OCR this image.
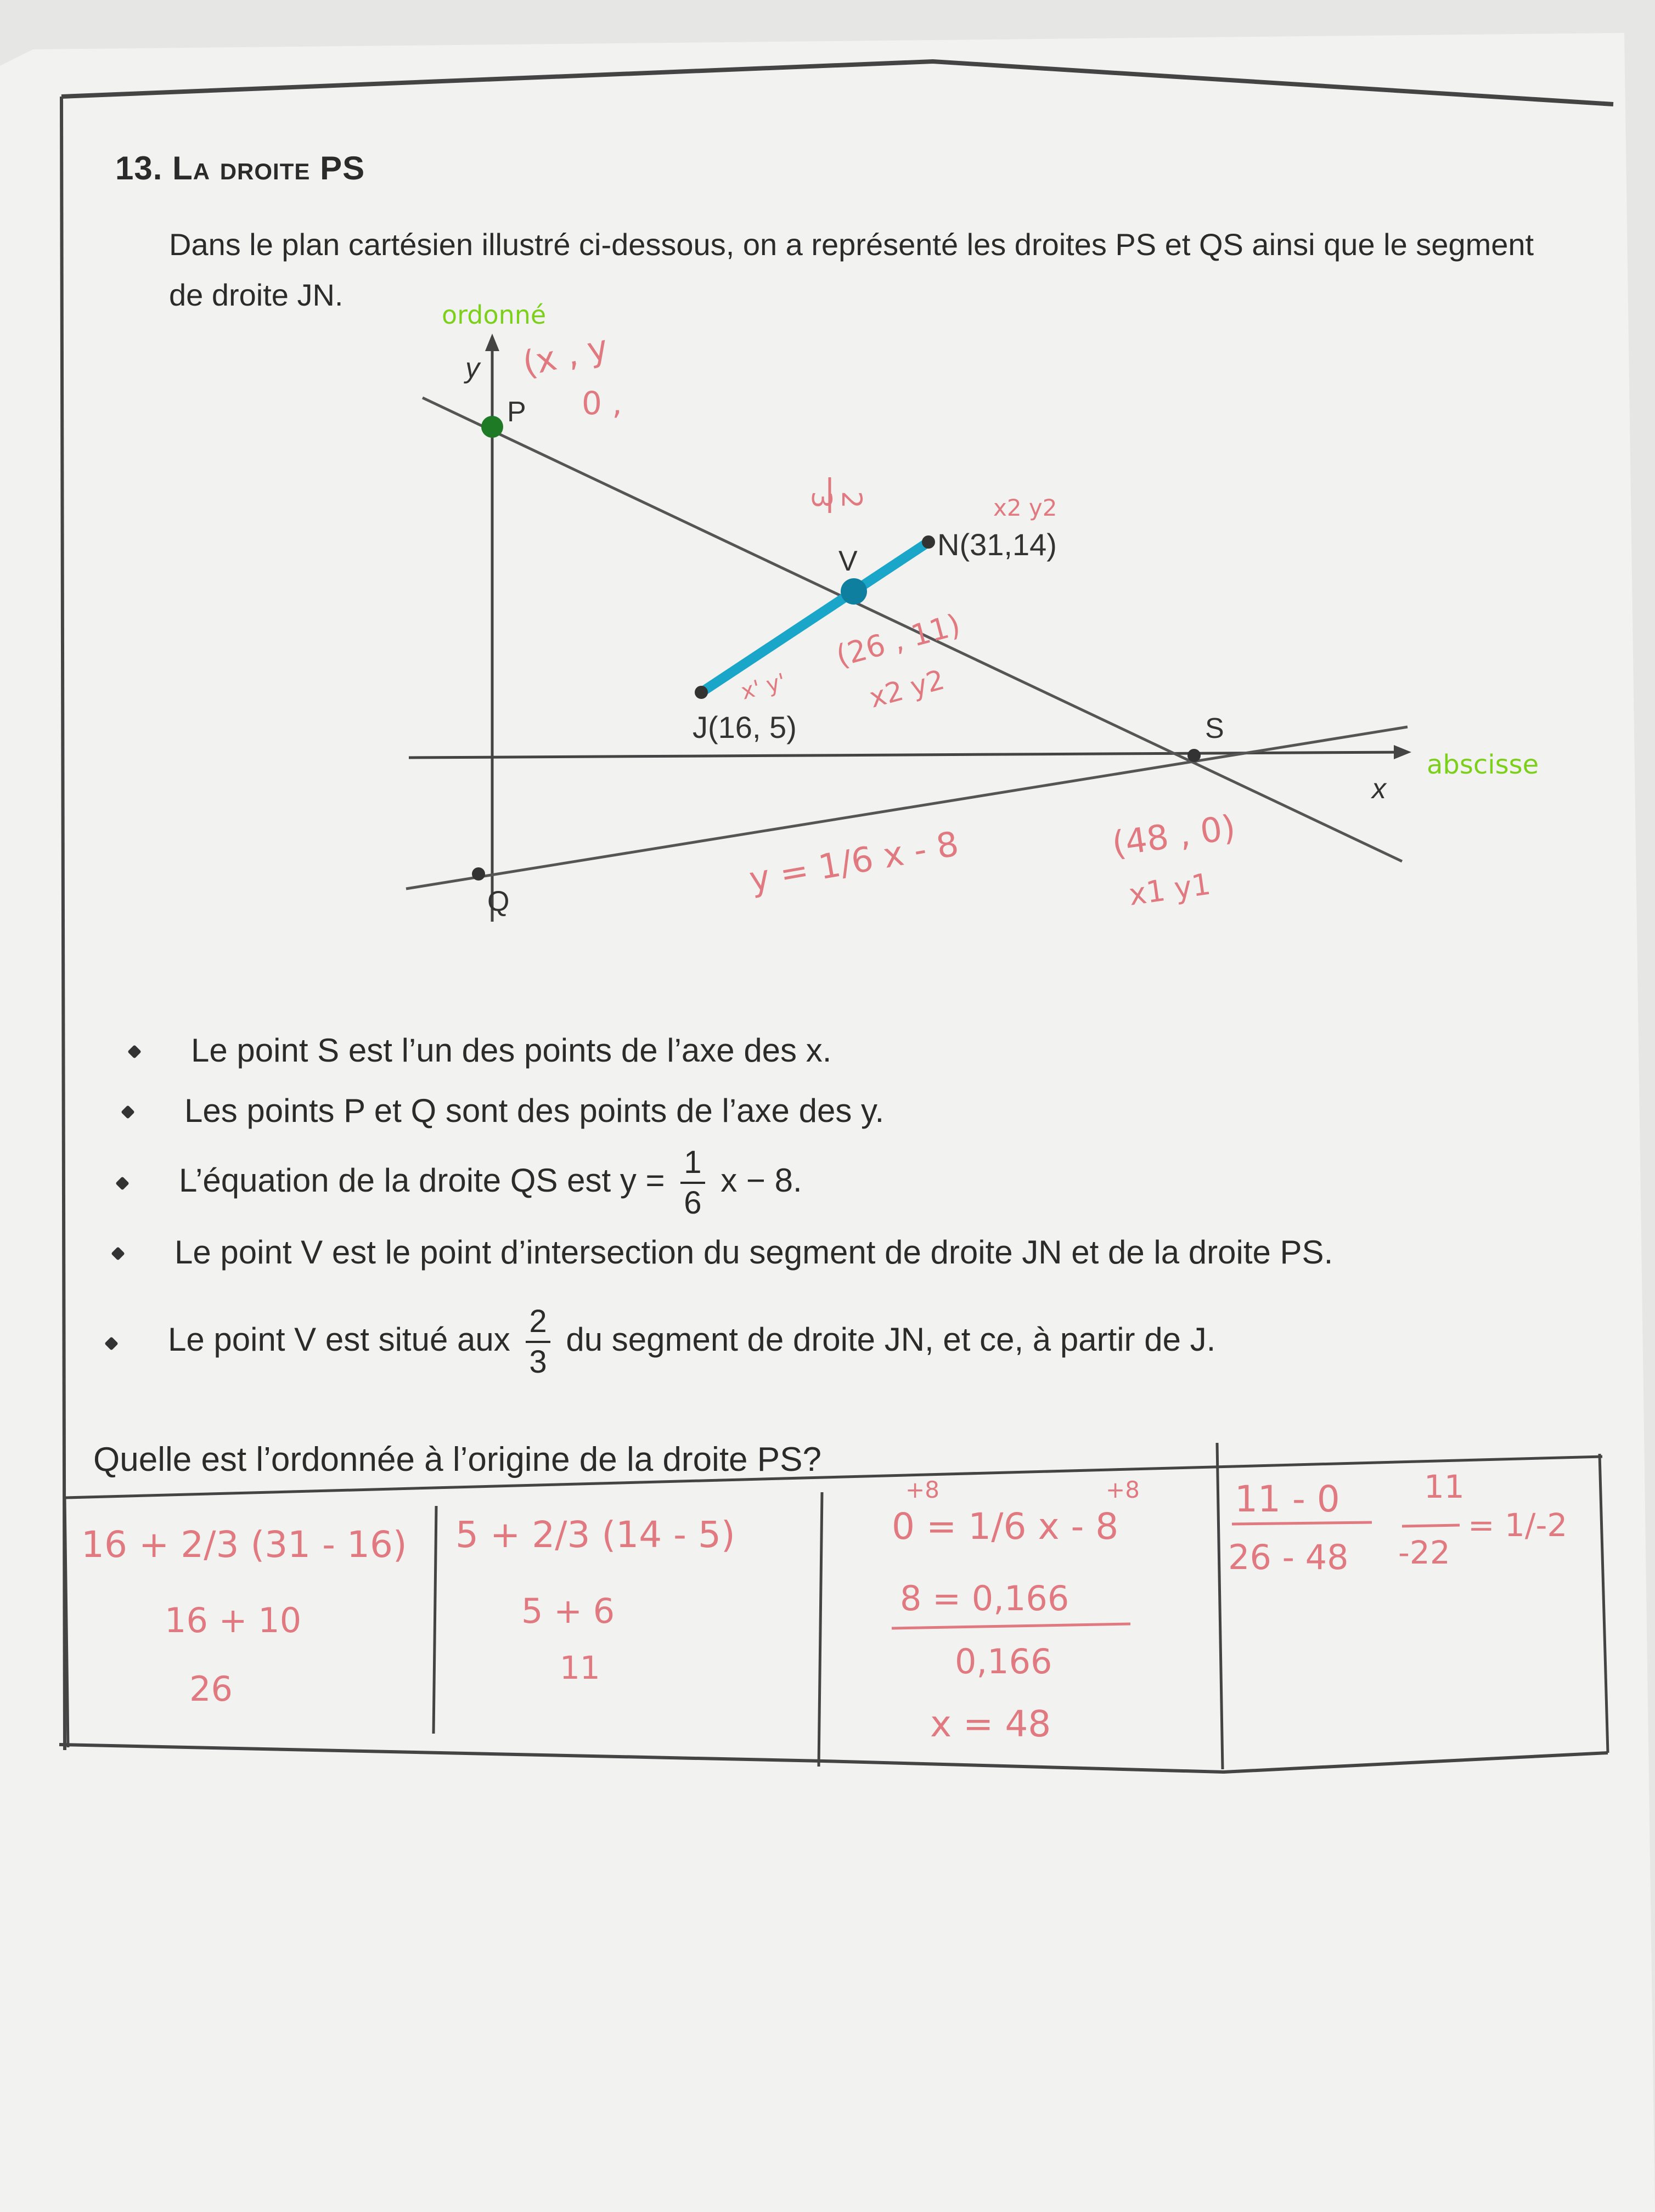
13. La droite PS

Dans le plan cartésien illustré ci-dessous, on a représenté les droites PS et QS ainsi que le segment de droite JN.

y
x
P
Q
S
V
J(16, 5)
N(31,14)
ordonné
(x , y
0 ,
abscisse
2
3	x2 y2
x' y'
(26 , 11)
x2 y2
y = 1/6 x - 8	(48 , 0)
x1 y1
Le point S est l’un des points de l’axe des x.
Les points P et Q sont des points de l’axe des y.
L’équation de la droite QS est $y = \frac{1}{6}$ x − 8.
Le point V est le point d’intersection du segment de droite JN et de la droite PS.
Le point V est situé aux $\frac{2}{3}$ du segment de droite JN, et ce, à partir de J.

Quelle est l’ordonnée à l’origine de la droite PS?

16 + 2/3 (31 - 16)
16 + 10
26
5 + 2/3 (14 - 5)
5 + 6
11
+8
0 = 1/6 x - 8
+8
8 = 0,166
0,166
x = 48
11 - 0
26 - 48
11
-22
= 1/-2
